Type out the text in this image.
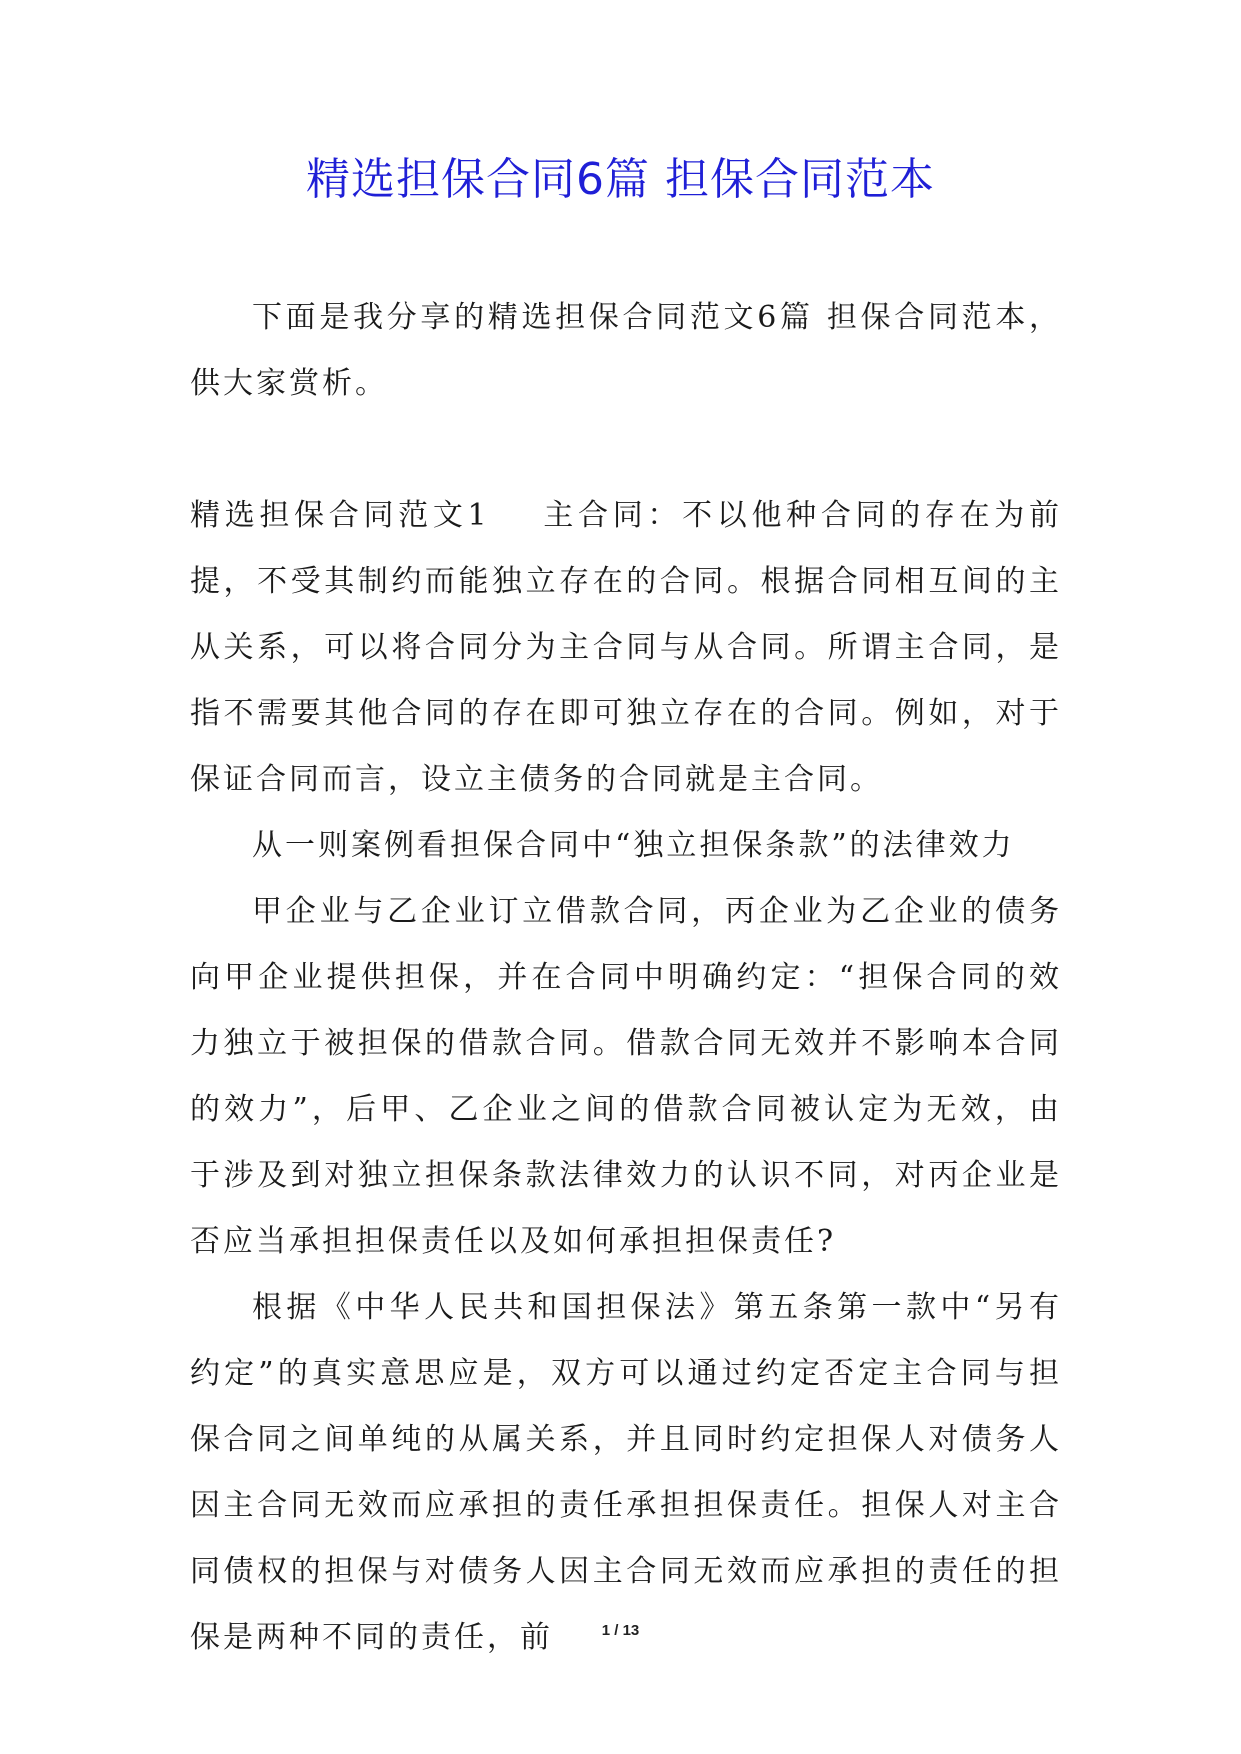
精选担保合同6篇 担保合同范本

下面是我分享的精选担保合同范文6篇 担保合同范本，供大家赏析。

精选担保合同范文1 主合同：不以他种合同的存在为前提，不受其制约而能独立存在的合同。根据合同相互间的主从关系，可以将合同分为主合同与从合同。所谓主合同，是指不需要其他合同的存在即可独立存在的合同。例如，对于保证合同而言，设立主债务的合同就是主合同。

从一则案例看担保合同中“独立担保条款”的法律效力

甲企业与乙企业订立借款合同，丙企业为乙企业的债务向甲企业提供担保，并在合同中明确约定：“担保合同的效力独立于被担保的借款合同。借款合同无效并不影响本合同的效力”，后甲、乙企业之间的借款合同被认定为无效，由于涉及到对独立担保条款法律效力的认识不同，对丙企业是否应当承担担保责任以及如何承担担保责任?

根据《中华人民共和国担保法》第五条第一款中“另有约定”的真实意思应是，双方可以通过约定否定主合同与担保合同之间单纯的从属关系，并且同时约定担保人对债务人因主合同无效而应承担的责任承担担保责任。担保人对主合同债权的担保与对债务人因主合同无效而应承担的责任的担保是两种不同的责任，前	1 / 13
